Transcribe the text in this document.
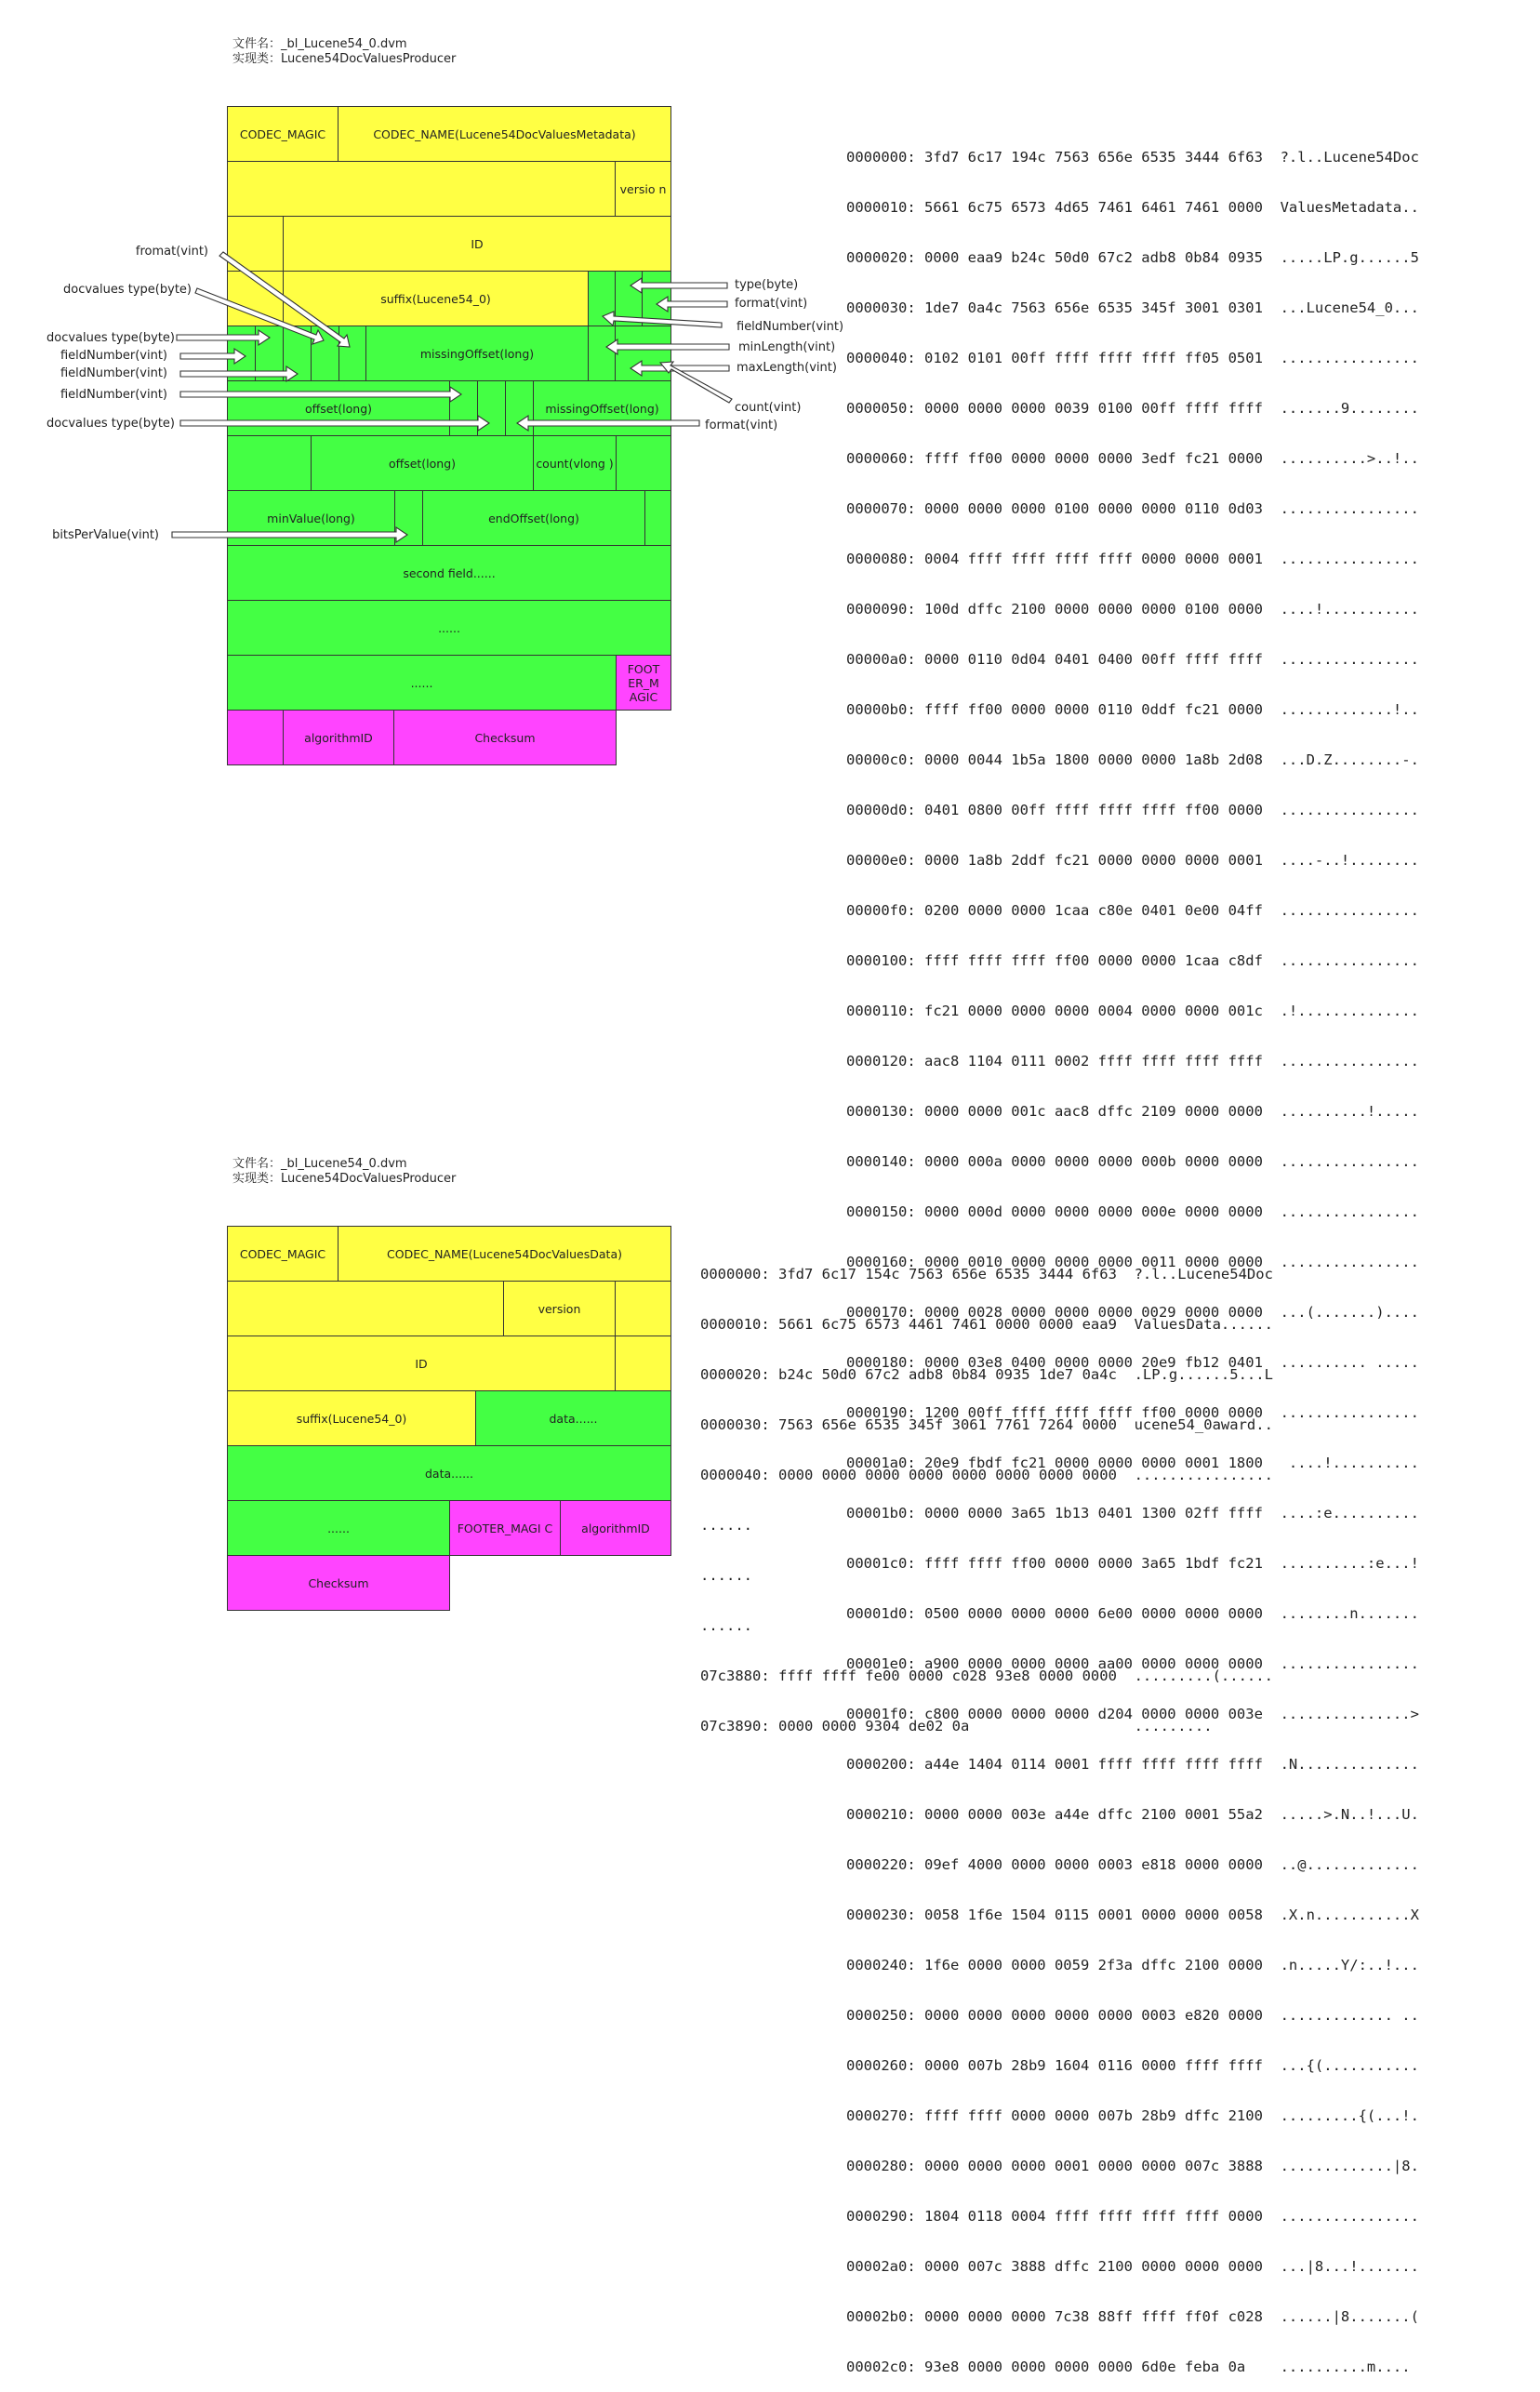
文件名：_bl_Lucene54_0.dvm
实现类：Lucene54DocValuesProducer
CODEC_MAGIC	CODEC_NAME(Lucene54DocValuesMetadata)
versio n
ID
suffix(Lucene54_0)
missingOffset(long)
offset(long)	missingOffset(long)
offset(long)	count(vlong )
minValue(long)	endOffset(long)
second field......
......
......
FOOT ER_M AGIC
algorithmID	Checksum
fromat(vint)
docvalues type(byte)
docvalues type(byte)
fieldNumber(vint)
fieldNumber(vint)
fieldNumber(vint)
docvalues type(byte)
bitsPerValue(vint)
type(byte)
format(vint)
fieldNumber(vint)
minLength(vint)
maxLength(vint)
count(vint)
format(vint)

0000000: 3fd7 6c17 194c 7563 656e 6535 3444 6f63  ?.l..Lucene54Doc

0000010: 5661 6c75 6573 4d65 7461 6461 7461 0000  ValuesMetadata..

0000020: 0000 eaa9 b24c 50d0 67c2 adb8 0b84 0935  .....LP.g......5

0000030: 1de7 0a4c 7563 656e 6535 345f 3001 0301  ...Lucene54_0...

0000040: 0102 0101 00ff ffff ffff ffff ff05 0501  ................

0000050: 0000 0000 0000 0039 0100 00ff ffff ffff  .......9........

0000060: ffff ff00 0000 0000 0000 3edf fc21 0000  ..........>..!..

0000070: 0000 0000 0000 0100 0000 0000 0110 0d03  ................

0000080: 0004 ffff ffff ffff ffff 0000 0000 0001  ................

0000090: 100d dffc 2100 0000 0000 0000 0100 0000  ....!...........

00000a0: 0000 0110 0d04 0401 0400 00ff ffff ffff  ................

00000b0: ffff ff00 0000 0000 0110 0ddf fc21 0000  .............!..

00000c0: 0000 0044 1b5a 1800 0000 0000 1a8b 2d08  ...D.Z........-.

00000d0: 0401 0800 00ff ffff ffff ffff ff00 0000  ................

00000e0: 0000 1a8b 2ddf fc21 0000 0000 0000 0001  ....-..!........

00000f0: 0200 0000 0000 1caa c80e 0401 0e00 04ff  ................

0000100: ffff ffff ffff ff00 0000 0000 1caa c8df  ................

0000110: fc21 0000 0000 0000 0004 0000 0000 001c  .!..............

0000120: aac8 1104 0111 0002 ffff ffff ffff ffff  ................

0000130: 0000 0000 001c aac8 dffc 2109 0000 0000  ..........!.....

0000140: 0000 000a 0000 0000 0000 000b 0000 0000  ................

0000150: 0000 000d 0000 0000 0000 000e 0000 0000  ................

0000160: 0000 0010 0000 0000 0000 0011 0000 0000  ................

0000170: 0000 0028 0000 0000 0000 0029 0000 0000  ...(.......)....

0000180: 0000 03e8 0400 0000 0000 20e9 fb12 0401  .......... .....

0000190: 1200 00ff ffff ffff ffff ff00 0000 0000  ................

00001a0: 20e9 fbdf fc21 0000 0000 0000 0001 1800   ....!..........

00001b0: 0000 0000 3a65 1b13 0401 1300 02ff ffff  ....:e..........

00001c0: ffff ffff ff00 0000 0000 3a65 1bdf fc21  ..........:e...!

00001d0: 0500 0000 0000 0000 6e00 0000 0000 0000  ........n.......

00001e0: a900 0000 0000 0000 aa00 0000 0000 0000  ................

00001f0: c800 0000 0000 0000 d204 0000 0000 003e  ...............>

0000200: a44e 1404 0114 0001 ffff ffff ffff ffff  .N..............

0000210: 0000 0000 003e a44e dffc 2100 0001 55a2  .....>.N..!...U.

0000220: 09ef 4000 0000 0000 0003 e818 0000 0000  ..@.............

0000230: 0058 1f6e 1504 0115 0001 0000 0000 0058  .X.n...........X

0000240: 1f6e 0000 0000 0059 2f3a dffc 2100 0000  .n.....Y/:..!...

0000250: 0000 0000 0000 0000 0000 0003 e820 0000  ............. ..

0000260: 0000 007b 28b9 1604 0116 0000 ffff ffff  ...{(...........

0000270: ffff ffff 0000 0000 007b 28b9 dffc 2100  .........{(...!.

0000280: 0000 0000 0000 0001 0000 0000 007c 3888  .............|8.

0000290: 1804 0118 0004 ffff ffff ffff ffff 0000  ................

00002a0: 0000 007c 3888 dffc 2100 0000 0000 0000  ...|8...!.......

00002b0: 0000 0000 0000 7c38 88ff ffff ff0f c028  ......|8.......(

00002c0: 93e8 0000 0000 0000 0000 6d0e feba 0a    ..........m....

文件名：_bl_Lucene54_0.dvm
实现类：Lucene54DocValuesProducer
CODEC_MAGIC	CODEC_NAME(Lucene54DocValuesData)
version
ID
suffix(Lucene54_0)	data......
data......
......	FOOTER_MAGI C	algorithmID
Checksum

0000000: 3fd7 6c17 154c 7563 656e 6535 3444 6f63  ?.l..Lucene54Doc

0000010: 5661 6c75 6573 4461 7461 0000 0000 eaa9  ValuesData......

0000020: b24c 50d0 67c2 adb8 0b84 0935 1de7 0a4c  .LP.g......5...L

0000030: 7563 656e 6535 345f 3061 7761 7264 0000  ucene54_0award..

0000040: 0000 0000 0000 0000 0000 0000 0000 0000  ................

......

......

......

07c3880: ffff ffff fe00 0000 c028 93e8 0000 0000  .........(......

07c3890: 0000 0000 9304 de02 0a                   .........
